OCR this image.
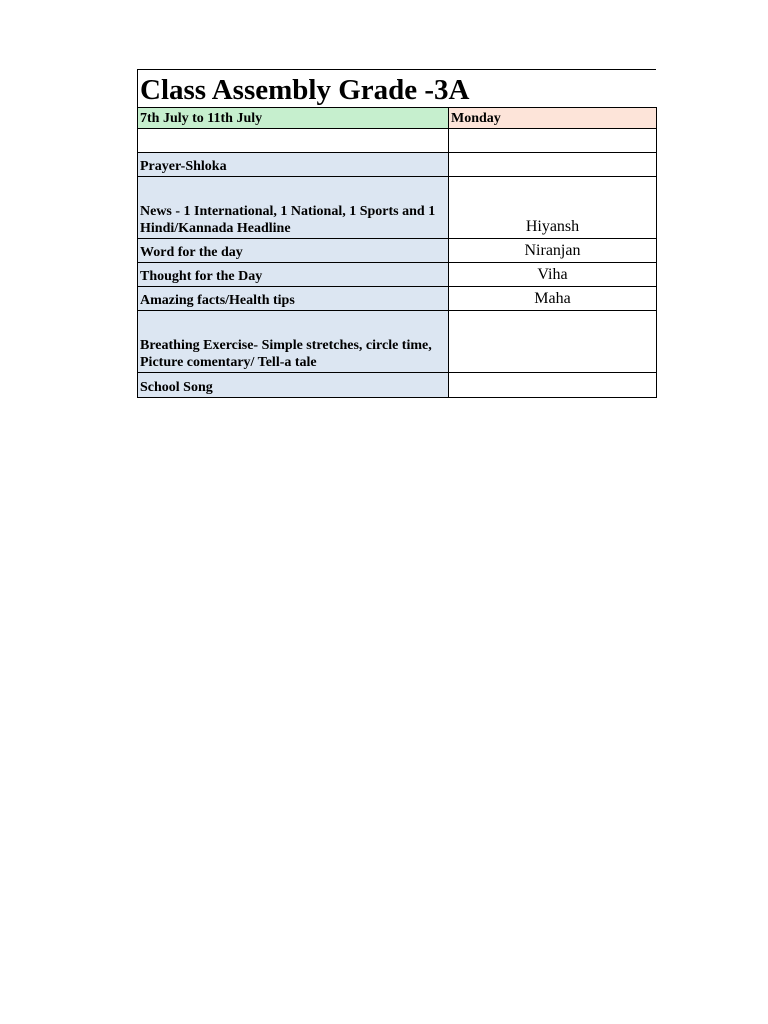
Class Assembly Grade -3A
7th July to 11th July	Monday

Prayer-Shloka	
News - 1 International, 1 National, 1 Sports and 1 Hindi/Kannada Headline	Hiyansh
Word for the day	Niranjan
Thought for the Day	Viha
Amazing facts/Health tips	Maha
Breathing Exercise- Simple stretches, circle time, Picture comentary/ Tell-a tale	
School Song	
